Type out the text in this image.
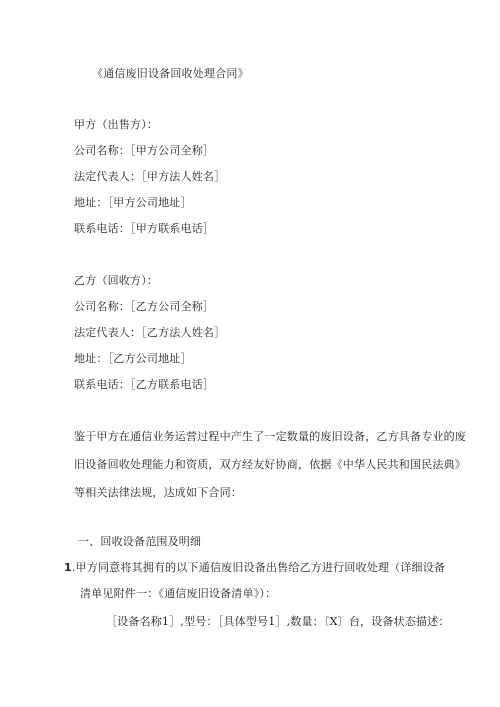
《通信废旧设备回收处理合同》
甲方（出售方）：
公司名称：［甲方公司全称］
法定代表人：［甲方法人姓名］
地址：［甲方公司地址］
联系电话：［甲方联系电话］
乙方（回收方）：
公司名称：［乙方公司全称］
法定代表人：［乙方法人姓名］
地址：［乙方公司地址］
联系电话：［乙方联系电话］
鉴于甲方在通信业务运营过程中产生了一定数量的废旧设备，乙方具备专业的废
旧设备回收处理能力和资质，双方经友好协商，依据《中华人民共和国民法典》
等相关法律法规，达成如下合同：
一、回收设备范围及明细
1.甲方同意将其拥有的以下通信废旧设备出售给乙方进行回收处理（详细设备
清单见附件一：《通信废旧设备清单》）：
［设备名称1］,型号：［具体型号1］,数量：〔X〕台，设备状态描述：
